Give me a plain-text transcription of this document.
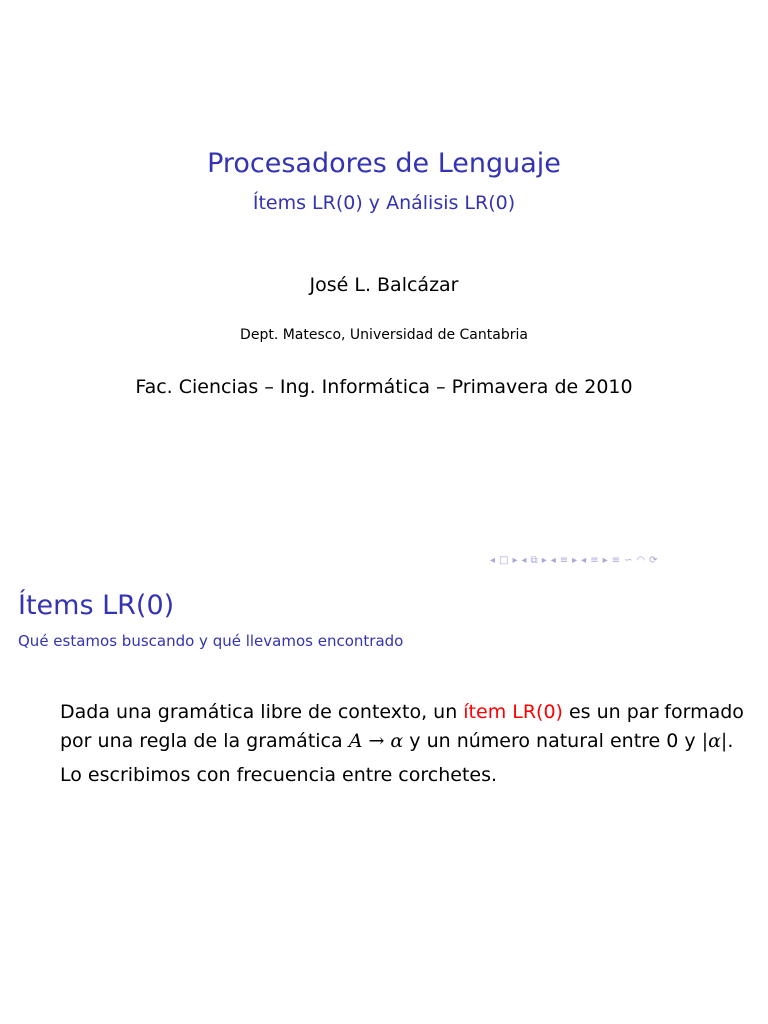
Procesadores de Lenguaje
Ítems LR(0) y Análisis LR(0)
José L. Balcázar
Dept. Matesco, Universidad de Cantabria
Fac. Ciencias – Ing. Informática – Primavera de 2010
◂ □ ▸ ◂ ⧉ ▸ ◂ ≡ ▸ ◂ ≡ ▸ ≡ ∽ ◠ ⟳
Ítems LR(0)
Qué estamos buscando y qué llevamos encontrado

Dada una gramática libre de contexto, un ítem LR(0) es un par formado por una regla de la gramática A → α y un número natural entre 0 y |α|.

Lo escribimos con frecuencia entre corchetes.
